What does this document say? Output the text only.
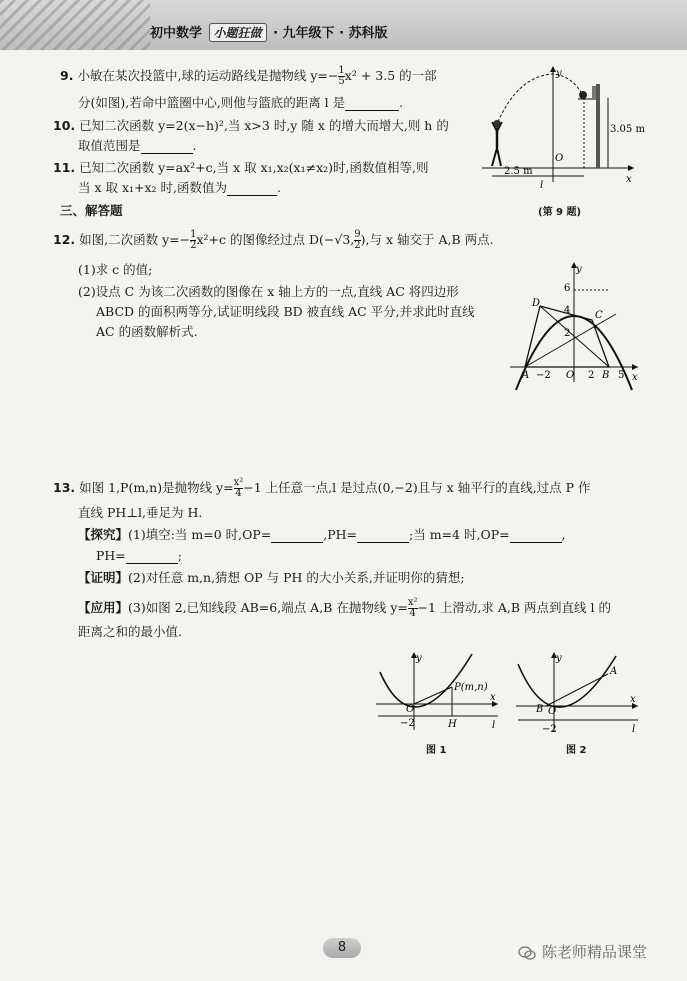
初中数学 小题狂做 · 九年级下 · 苏科版
9. 小敏在某次投篮中,球的运动路线是抛物线 $y=- \frac{1}{5} x^2 + 3.5$ 的一部
分(如图),若命中篮圈中心,则他与篮底的距离 l 是	.
3.05 m
2.5 m
l
y
x
O
(第 9 题)
10. 已知二次函数 y=2(x−h)²,当 x>3 时,y 随 x 的增大而增大,则 h 的
取值范围是	.
11. 已知二次函数 y=ax²+c,当 x 取 x₁,x₂(x₁≠x₂)时,函数值相等,则
当 x 取 x₁+x₂ 时,函数值为	.
三、解答题
12. 如图,二次函数 $y=- \frac{1}{2} x^2+c$ 的图像经过点 D(−√3, $\frac{9}{2}$ ),与 x 轴交于 A,B 两点.
(1)求 c 的值;
(2)设点 C 为该二次函数的图像在 x 轴上方的一点,直线 AC 将四边形
ABCD 的面积两等分,试证明线段 BD 被直线 AC 平分,并求此时直线
AC 的函数解析式.
6
4
2
D
C
A −2 O 2 B 5
y
x
13. 如图 1,P(m,n)是抛物线 $y= \frac{\text{x²}}{4} -1$ 上任意一点,l 是过点(0,−2)且与 x 轴平行的直线,过点 P 作
直线 PH⊥l,垂足为 H.
【探究】(1)填空:当 m=0 时,OP=	,PH=	;当 m=4 时,OP=	,
PH=	;
【证明】(2)对任意 m,n,猜想 OP 与 PH 的大小关系,并证明你的猜想;
【应用】(3)如图 2,已知线段 AB=6,端点 A,B 在抛物线 $y= \frac{\text{x²}}{4} -1$ 上滑动,求 A,B 两点到直线 l 的
距离之和的最小值.
P(m,n)
H
O
−2
y
x
l
图 1
A
B O
−2
y
x
l
图 2
8	陈老师精品课堂
